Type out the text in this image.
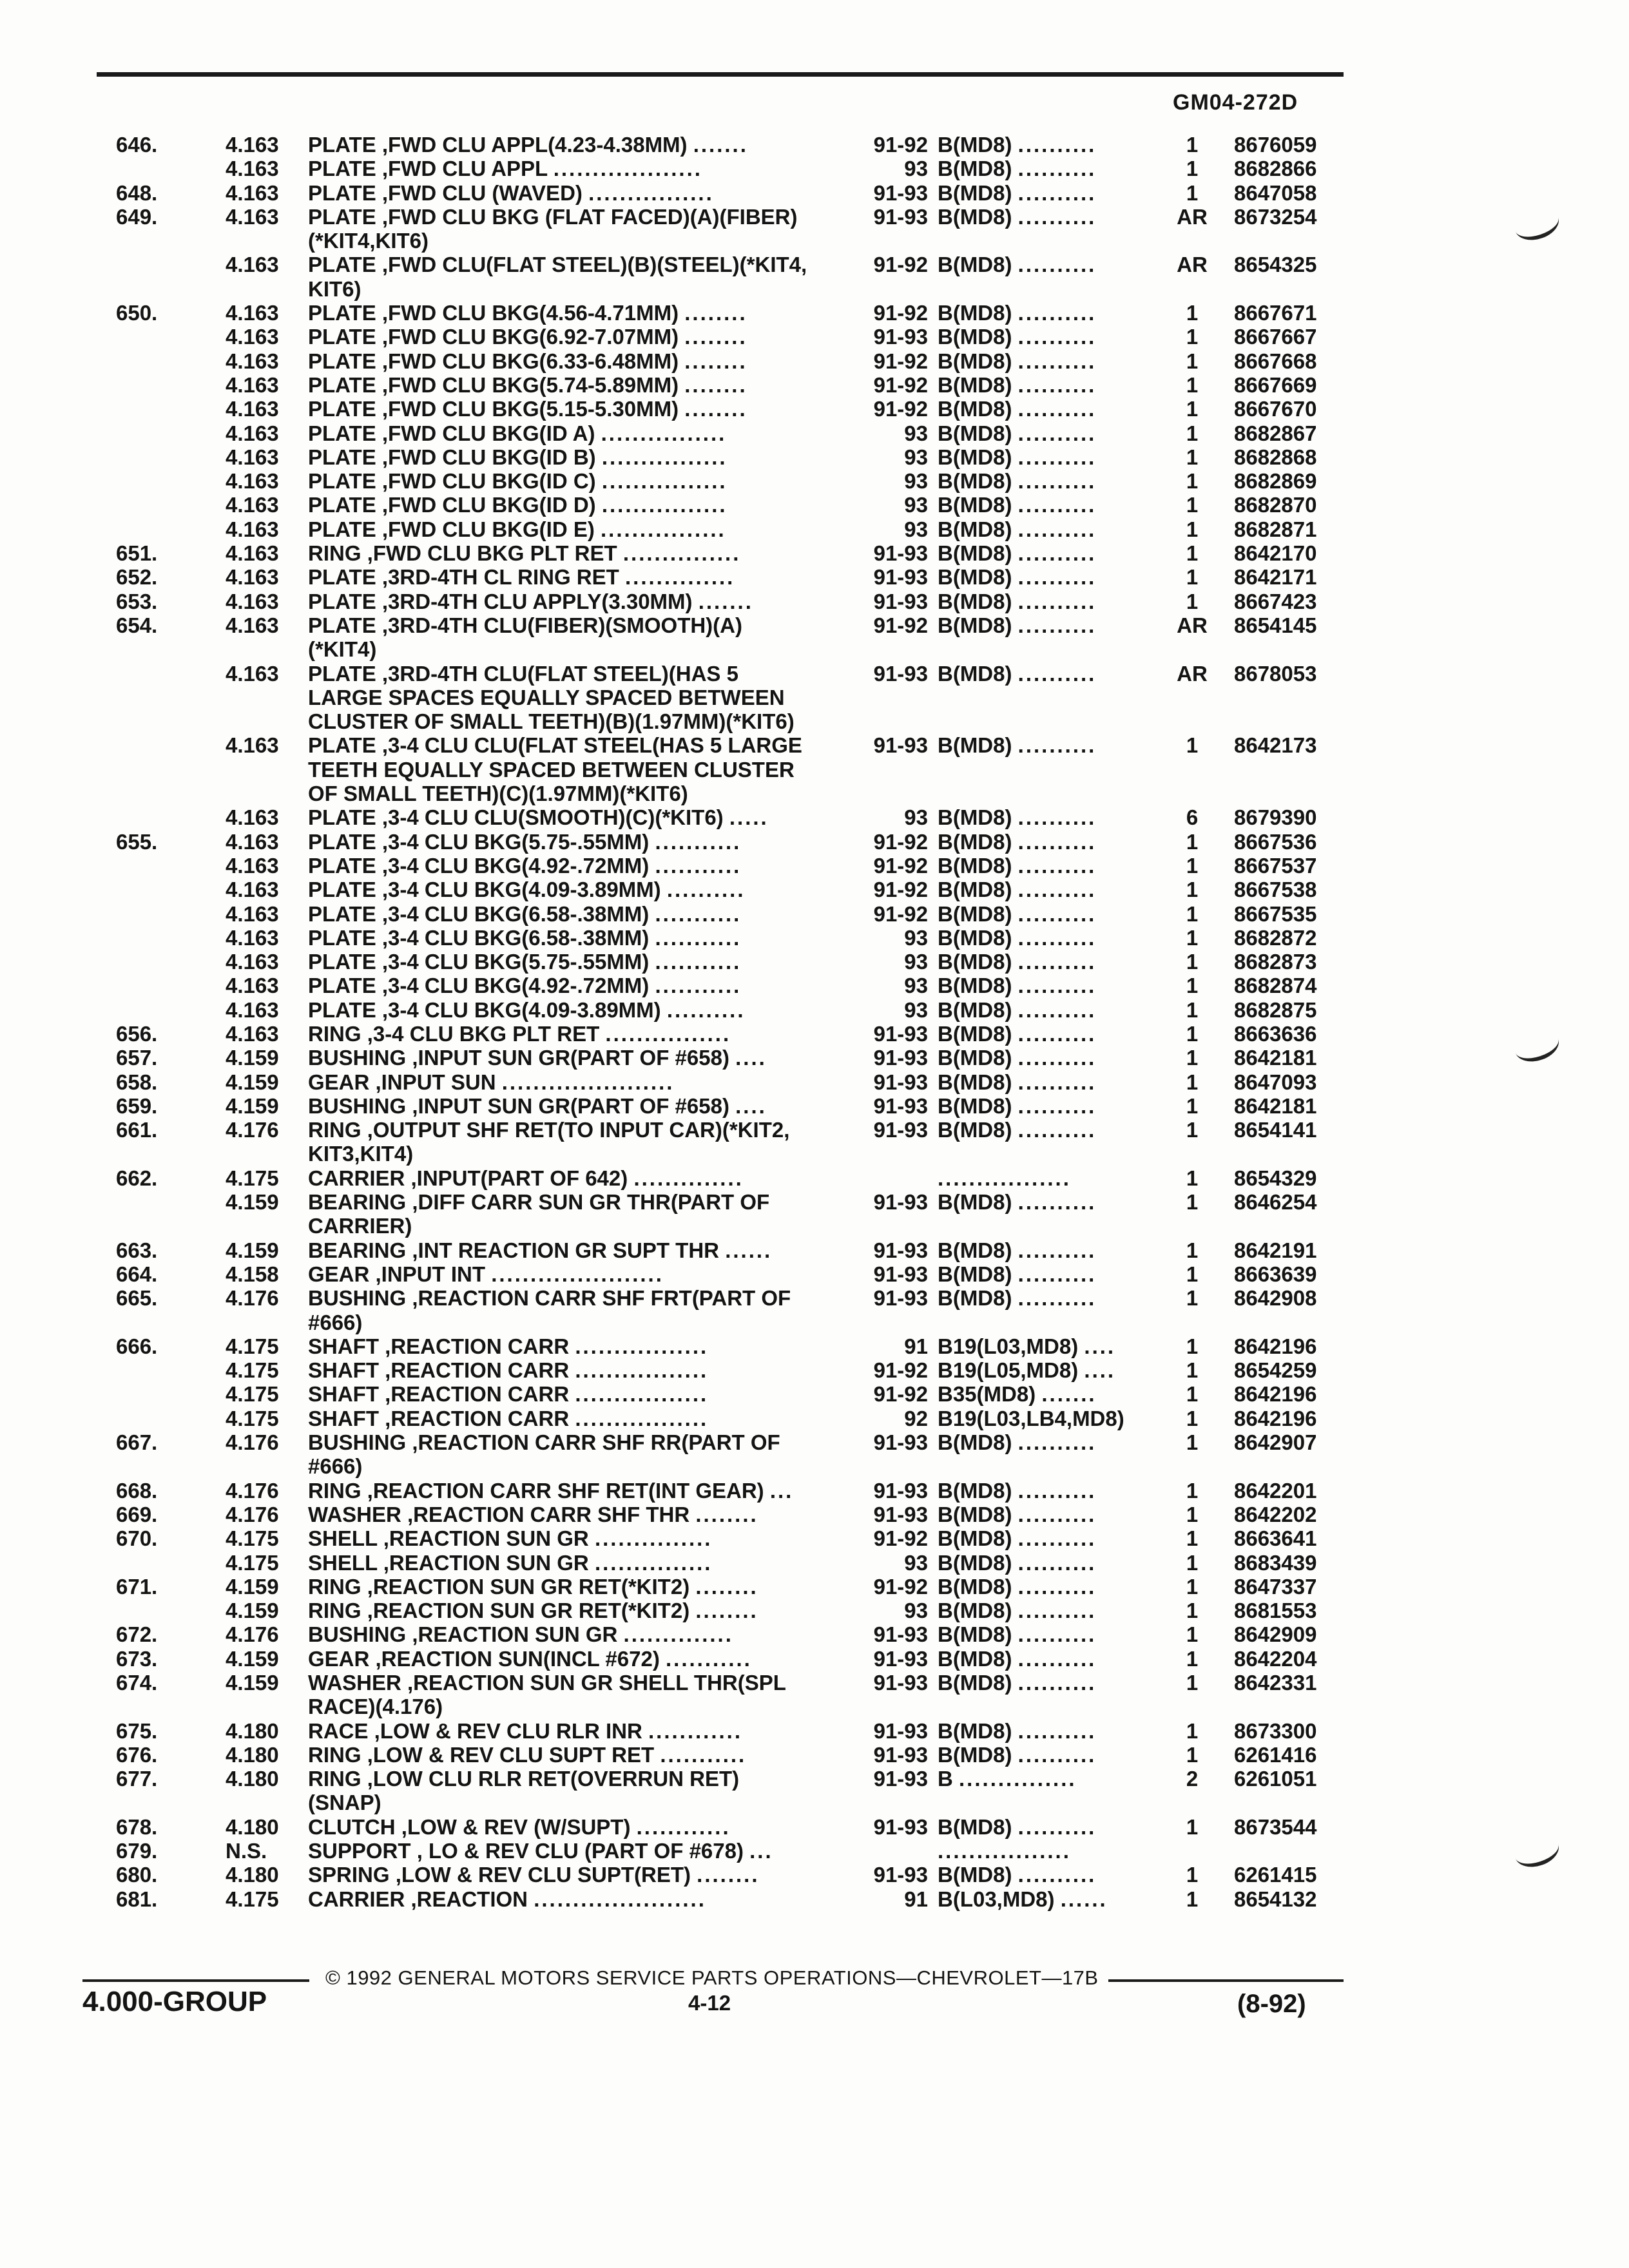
GM04-272D
646.	4.163 PLATE ,FWD CLU APPL(4.23-4.38MM) .......	91-92 B(MD8) ..........	1	8676059
4.163 PLATE ,FWD CLU APPL ...................	93 B(MD8) ..........	1	8682866
648.	4.163 PLATE ,FWD CLU (WAVED) ................	91-93 B(MD8) ..........	1	8647058
649.	4.163 PLATE ,FWD CLU BKG (FLAT FACED)(A)(FIBER)	91-93 B(MD8) ..........	AR	8673254
(*KIT4,KIT6)
4.163 PLATE ,FWD CLU(FLAT STEEL)(B)(STEEL)(*KIT4,	91-92 B(MD8) ..........	AR	8654325
KIT6)
650.	4.163 PLATE ,FWD CLU BKG(4.56-4.71MM) ........	91-92 B(MD8) ..........	1	8667671
4.163 PLATE ,FWD CLU BKG(6.92-7.07MM) ........	91-93 B(MD8) ..........	1	8667667
4.163 PLATE ,FWD CLU BKG(6.33-6.48MM) ........	91-92 B(MD8) ..........	1	8667668
4.163 PLATE ,FWD CLU BKG(5.74-5.89MM) ........	91-92 B(MD8) ..........	1	8667669
4.163 PLATE ,FWD CLU BKG(5.15-5.30MM) ........	91-92 B(MD8) ..........	1	8667670
4.163 PLATE ,FWD CLU BKG(ID A) ................	93 B(MD8) ..........	1	8682867
4.163 PLATE ,FWD CLU BKG(ID B) ................	93 B(MD8) ..........	1	8682868
4.163 PLATE ,FWD CLU BKG(ID C) ................	93 B(MD8) ..........	1	8682869
4.163 PLATE ,FWD CLU BKG(ID D) ................	93 B(MD8) ..........	1	8682870
4.163 PLATE ,FWD CLU BKG(ID E) ................	93 B(MD8) ..........	1	8682871
651.	4.163 RING ,FWD CLU BKG PLT RET ...............	91-93 B(MD8) ..........	1	8642170
652.	4.163 PLATE ,3RD-4TH CL RING RET ..............	91-93 B(MD8) ..........	1	8642171
653.	4.163 PLATE ,3RD-4TH CLU APPLY(3.30MM) .......	91-93 B(MD8) ..........	1	8667423
654.	4.163 PLATE ,3RD-4TH CLU(FIBER)(SMOOTH)(A)	91-92 B(MD8) ..........	AR	8654145
(*KIT4)
4.163 PLATE ,3RD-4TH CLU(FLAT STEEL)(HAS 5	91-93 B(MD8) ..........	AR	8678053
LARGE SPACES EQUALLY SPACED BETWEEN
CLUSTER OF SMALL TEETH)(B)(1.97MM)(*KIT6)
4.163 PLATE ,3-4 CLU CLU(FLAT STEEL(HAS 5 LARGE	91-93 B(MD8) ..........	1	8642173
TEETH EQUALLY SPACED BETWEEN CLUSTER
OF SMALL TEETH)(C)(1.97MM)(*KIT6)
4.163 PLATE ,3-4 CLU CLU(SMOOTH)(C)(*KIT6) .....	93 B(MD8) ..........	6	8679390
655.	4.163 PLATE ,3-4 CLU BKG(5.75-.55MM) ...........	91-92 B(MD8) ..........	1	8667536
4.163 PLATE ,3-4 CLU BKG(4.92-.72MM) ...........	91-92 B(MD8) ..........	1	8667537
4.163 PLATE ,3-4 CLU BKG(4.09-3.89MM) ..........	91-92 B(MD8) ..........	1	8667538
4.163 PLATE ,3-4 CLU BKG(6.58-.38MM) ...........	91-92 B(MD8) ..........	1	8667535
4.163 PLATE ,3-4 CLU BKG(6.58-.38MM) ...........	93 B(MD8) ..........	1	8682872
4.163 PLATE ,3-4 CLU BKG(5.75-.55MM) ...........	93 B(MD8) ..........	1	8682873
4.163 PLATE ,3-4 CLU BKG(4.92-.72MM) ...........	93 B(MD8) ..........	1	8682874
4.163 PLATE ,3-4 CLU BKG(4.09-3.89MM) ..........	93 B(MD8) ..........	1	8682875
656.	4.163 RING ,3-4 CLU BKG PLT RET ................	91-93 B(MD8) ..........	1	8663636
657.	4.159 BUSHING ,INPUT SUN GR(PART OF #658) ....	91-93 B(MD8) ..........	1	8642181
658.	4.159 GEAR ,INPUT SUN ......................	91-93 B(MD8) ..........	1	8647093
659.	4.159 BUSHING ,INPUT SUN GR(PART OF #658) ....	91-93 B(MD8) ..........	1	8642181
661.	4.176 RING ,OUTPUT SHF RET(TO INPUT CAR)(*KIT2,	91-93 B(MD8) ..........	1	8654141
KIT3,KIT4)
662.	4.175 CARRIER ,INPUT(PART OF 642) ..............	.................	1	8654329
4.159 BEARING ,DIFF CARR SUN GR THR(PART OF	91-93 B(MD8) ..........	1	8646254
CARRIER)
663.	4.159 BEARING ,INT REACTION GR SUPT THR ......	91-93 B(MD8) ..........	1	8642191
664.	4.158 GEAR ,INPUT INT ......................	91-93 B(MD8) ..........	1	8663639
665.	4.176 BUSHING ,REACTION CARR SHF FRT(PART OF	91-93 B(MD8) ..........	1	8642908
#666)
666.	4.175 SHAFT ,REACTION CARR .................	91 B19(L03,MD8) ....	1	8642196
4.175 SHAFT ,REACTION CARR .................	91-92 B19(L05,MD8) ....	1	8654259
4.175 SHAFT ,REACTION CARR .................	91-92 B35(MD8) .......	1	8642196
4.175 SHAFT ,REACTION CARR .................	92 B19(L03,LB4,MD8)	1	8642196
667.	4.176 BUSHING ,REACTION CARR SHF RR(PART OF	91-93 B(MD8) ..........	1	8642907
#666)
668.	4.176 RING ,REACTION CARR SHF RET(INT GEAR) ...	91-93 B(MD8) ..........	1	8642201
669.	4.176 WASHER ,REACTION CARR SHF THR ........	91-93 B(MD8) ..........	1	8642202
670.	4.175 SHELL ,REACTION SUN GR ...............	91-92 B(MD8) ..........	1	8663641
4.175 SHELL ,REACTION SUN GR ...............	93 B(MD8) ..........	1	8683439
671.	4.159 RING ,REACTION SUN GR RET(*KIT2) ........	91-92 B(MD8) ..........	1	8647337
4.159 RING ,REACTION SUN GR RET(*KIT2) ........	93 B(MD8) ..........	1	8681553
672.	4.176 BUSHING ,REACTION SUN GR ..............	91-93 B(MD8) ..........	1	8642909
673.	4.159 GEAR ,REACTION SUN(INCL #672) ...........	91-93 B(MD8) ..........	1	8642204
674.	4.159 WASHER ,REACTION SUN GR SHELL THR(SPL	91-93 B(MD8) ..........	1	8642331
RACE)(4.176)
675.	4.180 RACE ,LOW & REV CLU RLR INR ............	91-93 B(MD8) ..........	1	8673300
676.	4.180 RING ,LOW & REV CLU SUPT RET ...........	91-93 B(MD8) ..........	1	6261416
677.	4.180 RING ,LOW CLU RLR RET(OVERRUN RET)	91-93 B ...............	2	6261051
(SNAP)
678.	4.180 CLUTCH ,LOW & REV (W/SUPT) ............	91-93 B(MD8) ..........	1	8673544
679.	N.S. SUPPORT , LO & REV CLU (PART OF #678) ...	.................
680.	4.180 SPRING ,LOW & REV CLU SUPT(RET) ........	91-93 B(MD8) ..........	1	6261415
681.	4.175 CARRIER ,REACTION ......................	91 B(L03,MD8) ......	1	8654132
© 1992 GENERAL MOTORS SERVICE PARTS OPERATIONS—CHEVROLET—17B
4.000-GROUP	4-12	(8-92)
